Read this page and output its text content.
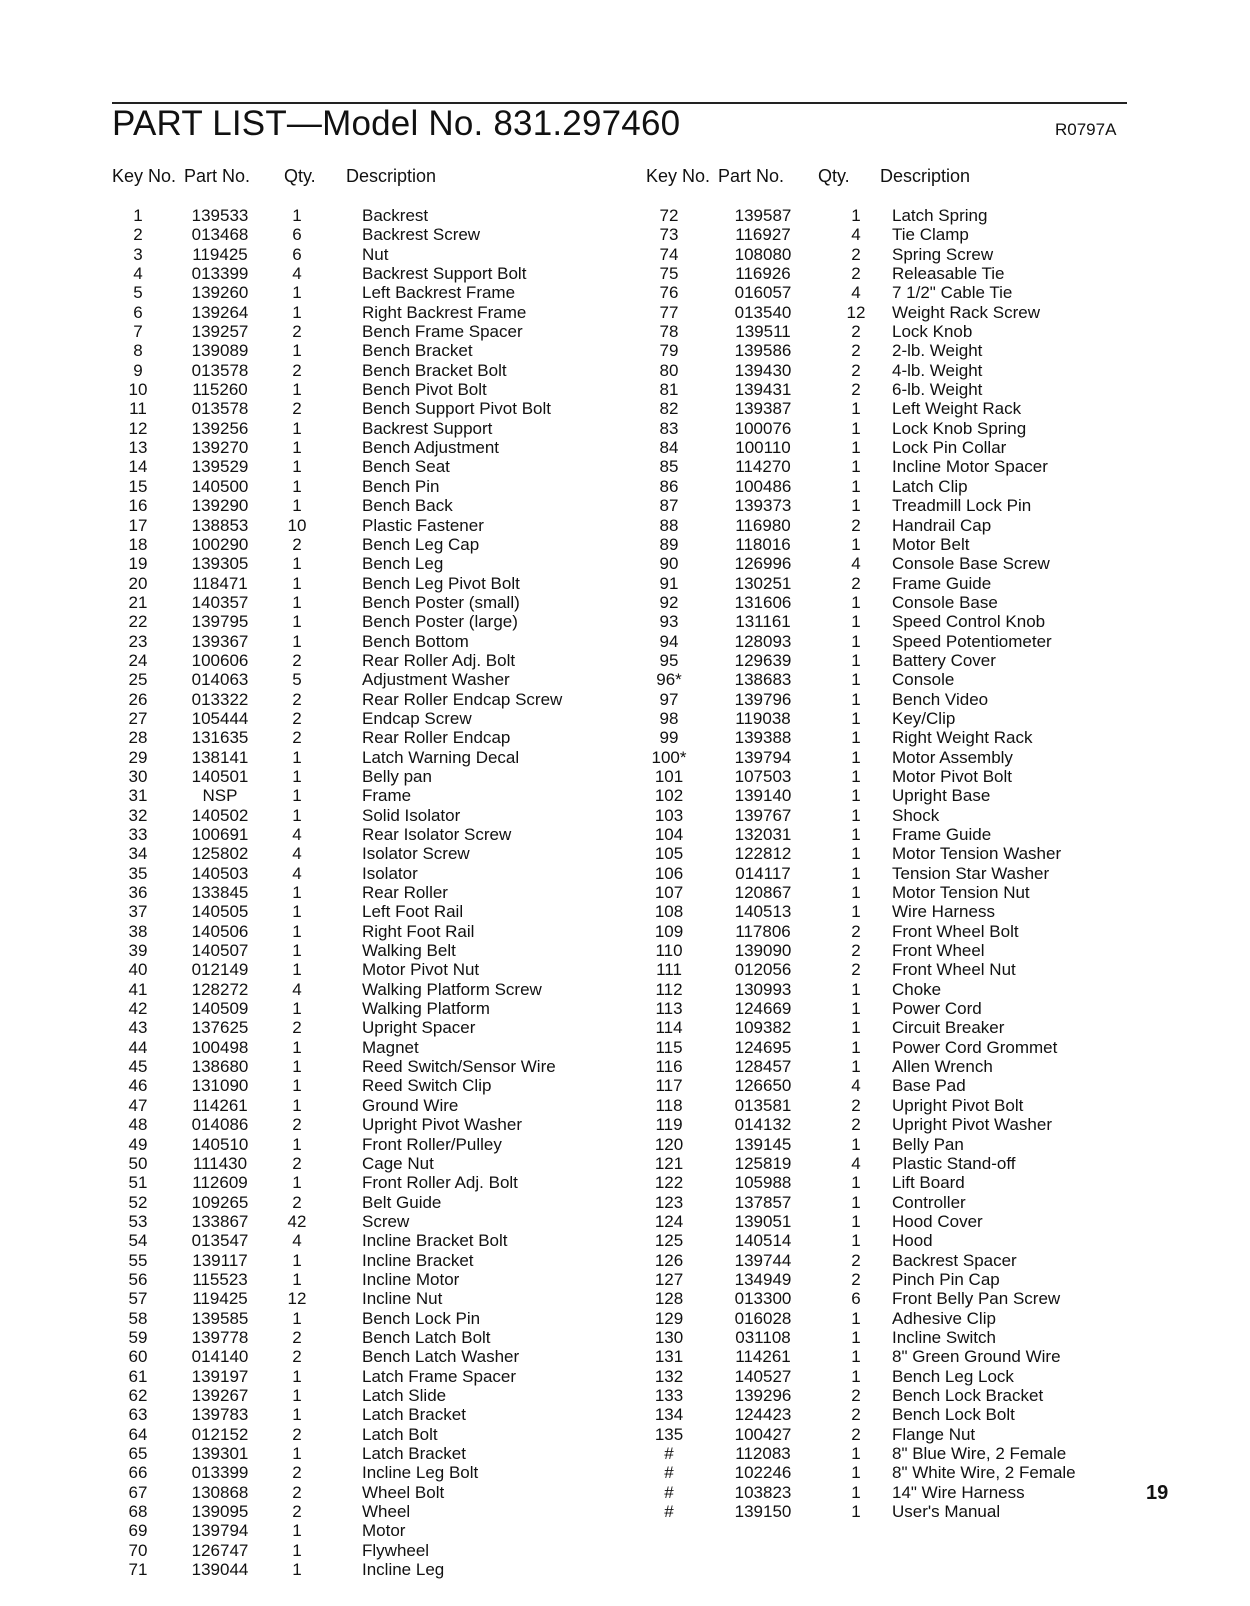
PART LIST—Model No. 831.297460	R0797A
Key No. Part No. Qty. Description
1	139533	1	Backrest
2	013468	6	Backrest Screw
3	119425	6	Nut
4	013399	4	Backrest Support Bolt
5	139260	1	Left Backrest Frame
6	139264	1	Right Backrest Frame
7	139257	2	Bench Frame Spacer
8	139089	1	Bench Bracket
9	013578	2	Bench Bracket Bolt
10	115260	1	Bench Pivot Bolt
11	013578	2	Bench Support Pivot Bolt
12	139256	1	Backrest Support
13	139270	1	Bench Adjustment
14	139529	1	Bench Seat
15	140500	1	Bench Pin
16	139290	1	Bench Back
17	138853 10	Plastic Fastener
18	100290	2	Bench Leg Cap
19	139305	1	Bench Leg
20	118471	1	Bench Leg Pivot Bolt
21	140357	1	Bench Poster (small)
22	139795	1	Bench Poster (large)
23	139367	1	Bench Bottom
24	100606	2	Rear Roller Adj. Bolt
25	014063	5	Adjustment Washer
26	013322	2	Rear Roller Endcap Screw
27	105444	2	Endcap Screw
28	131635	2	Rear Roller Endcap
29	138141	1	Latch Warning Decal
30	140501	1	Belly pan
31	NSP	1	Frame
32	140502	1	Solid Isolator
33	100691	4	Rear Isolator Screw
34	125802	4	Isolator Screw
35	140503	4	Isolator
36	133845	1	Rear Roller
37	140505	1	Left Foot Rail
38	140506	1	Right Foot Rail
39	140507	1	Walking Belt
40	012149	1	Motor Pivot Nut
41	128272	4	Walking Platform Screw
42	140509	1	Walking Platform
43	137625	2	Upright Spacer
44	100498	1	Magnet
45	138680	1	Reed Switch/Sensor Wire
46	131090	1	Reed Switch Clip
47	114261	1	Ground Wire
48	014086	2	Upright Pivot Washer
49	140510	1	Front Roller/Pulley
50	111430	2	Cage Nut
51	112609	1	Front Roller Adj. Bolt
52	109265	2	Belt Guide
53	133867 42	Screw
54	013547	4	Incline Bracket Bolt
55	139117	1	Incline Bracket
56	115523	1	Incline Motor
57	119425 12	Incline Nut
58	139585	1	Bench Lock Pin
59	139778	2	Bench Latch Bolt
60	014140	2	Bench Latch Washer
61	139197	1	Latch Frame Spacer
62	139267	1	Latch Slide
63	139783	1	Latch Bracket
64	012152	2	Latch Bolt
65	139301	1	Latch Bracket
66	013399	2	Incline Leg Bolt
67	130868	2	Wheel Bolt
68	139095	2	Wheel
69	139794	1	Motor
70	126747	1	Flywheel
71	139044	1	Incline Leg
Key No. Part No. Qty. Description
72	139587	1 Latch Spring
73	116927	4 Tie Clamp
74	108080	2 Spring Screw
75	116926	2 Releasable Tie
76	016057	4 7 1/2" Cable Tie
77	013540	12 Weight Rack Screw
78	139511	2 Lock Knob
79	139586	2 2-lb. Weight
80	139430	2 4-lb. Weight
81	139431	2 6-lb. Weight
82	139387	1 Left Weight Rack
83	100076	1 Lock Knob Spring
84	100110	1 Lock Pin Collar
85	114270	1 Incline Motor Spacer
86	100486	1 Latch Clip
87	139373	1 Treadmill Lock Pin
88	116980	2 Handrail Cap
89	118016	1 Motor Belt
90	126996	4 Console Base Screw
91	130251	2 Frame Guide
92	131606	1 Console Base
93	131161	1 Speed Control Knob
94	128093	1 Speed Potentiometer
95	129639	1 Battery Cover
96*	138683	1 Console
97	139796	1 Bench Video
98	119038	1 Key/Clip
99	139388	1 Right Weight Rack
100*	139794	1 Motor Assembly
101	107503	1 Motor Pivot Bolt
102	139140	1 Upright Base
103	139767	1 Shock
104	132031	1 Frame Guide
105	122812	1 Motor Tension Washer
106	014117	1 Tension Star Washer
107	120867	1 Motor Tension Nut
108	140513	1 Wire Harness
109	117806	2 Front Wheel Bolt
110	139090	2 Front Wheel
111	012056	2 Front Wheel Nut
112	130993	1 Choke
113	124669	1 Power Cord
114	109382	1 Circuit Breaker
115	124695	1 Power Cord Grommet
116	128457	1 Allen Wrench
117	126650	4 Base Pad
118	013581	2 Upright Pivot Bolt
119	014132	2 Upright Pivot Washer
120	139145	1 Belly Pan
121	125819	4 Plastic Stand-off
122	105988	1 Lift Board
123	137857	1 Controller
124	139051	1 Hood Cover
125	140514	1 Hood
126	139744	2 Backrest Spacer
127	134949	2 Pinch Pin Cap
128	013300	6 Front Belly Pan Screw
129	016028	1 Adhesive Clip
130	031108	1 Incline Switch
131	114261	1 8" Green Ground Wire
132	140527	1 Bench Leg Lock
133	139296	2 Bench Lock Bracket
134	124423	2 Bench Lock Bolt
135	100427	2 Flange Nut
#	112083	1 8" Blue Wire, 2 Female
#	102246	1 8" White Wire, 2 Female
#	103823	1 14" Wire Harness
#	139150	1 User's Manual
19
